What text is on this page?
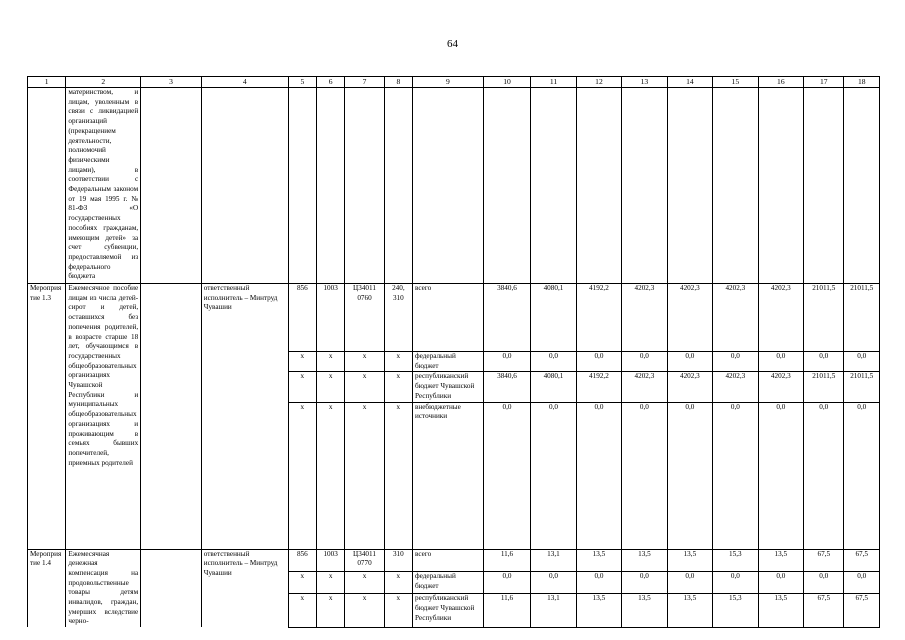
64
1	2	3	4	5	6	7	8	9	10	11	12	13	14	15	16	17	18
	материнством, и лицам, уволенным в связи с ликвидацией организаций (прекращением деятельности, полномочий физическими лицами), в соответствии с Федеральным законом от 19 мая 1995 г. № 81-ФЗ «О государственных пособиях гражданам, имеющим детей» за счет субвенции, предоставляемой из федерального бюджета																
Мероприятие 1.3	Ежемесячное пособие лицам из числа детей-сирот и детей, оставшихся без попечения родителей, в возрасте старше 18 лет, обучающимся в государственных общеобразовательных организациях Чувашской Республики и муниципальных общеобразовательных организациях и проживающим в семьях бывших попечителей, приемных родителей		ответственный исполнитель – Минтруд Чувашии	856	1003	Ц34011 0760	240, 310	всего	3840,6	4080,1	4192,2	4202,3	4202,3	4202,3	4202,3	21011,5	21011,5
				х	х	х	х	федеральный бюджет	0,0	0,0	0,0	0,0	0,0	0,0	0,0	0,0	0,0
				х	х	х	х	республиканский бюджет Чувашской Республики	3840,6	4080,1	4192,2	4202,3	4202,3	4202,3	4202,3	21011,5	21011,5
				х	х	х	х	внебюджетные источники	0,0	0,0	0,0	0,0	0,0	0,0	0,0	0,0	0,0
Мероприятие 1.4	Ежемесячная денежная компенсация на продовольственные товары детям инвалидов, граждан, умерших вследствие черно-		ответственный исполнитель – Минтруд Чувашии	856	1003	Ц34011 0770	310	всего	11,6	13,1	13,5	13,5	13,5	15,3	13,5	67,5	67,5
				х	х	х	х	федеральный бюджет	0,0	0,0	0,0	0,0	0,0	0,0	0,0	0,0	0,0
				х	х	х	х	республиканский бюджет Чувашской Республики	11,6	13,1	13,5	13,5	13,5	15,3	13,5	67,5	67,5
